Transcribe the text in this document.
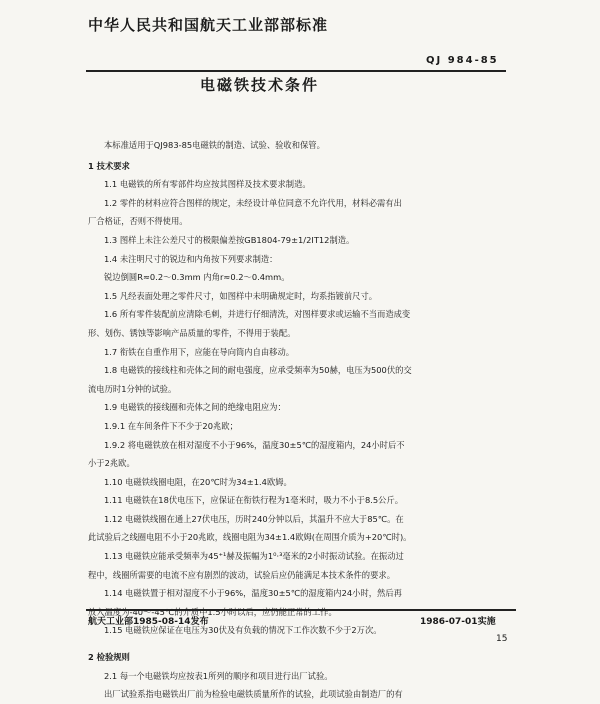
中华人民共和国航天工业部部标准
QJ 984-85
电磁铁技术条件

本标准适用于QJ983-85电磁铁的制造、试验、验收和保管。

1 技术要求

1.1 电磁铁的所有零部件均应按其图样及技术要求制造。

1.2 零件的材料应符合图样的规定，未经设计单位同意不允许代用，材料必需有出

厂合格证，否则不得使用。

1.3 图样上未注公差尺寸的极限偏差按GB1804-79±1/2IT12制造。

1.4 未注明尺寸的锐边和内角按下列要求制造：

锐边倒圆R≈0.2～0.3mm 内角r≈0.2～0.4mm。

1.5 凡经表面处理之零件尺寸，如图样中未明确规定时，均系指镀前尺寸。

1.6 所有零件装配前应清除毛刺，并进行仔细清洗，对图样要求或运输不当而造成变

形、划伤、锈蚀等影响产品质量的零件，不得用于装配。

1.7 衔铁在自重作用下，应能在导向筒内自由移动。

1.8 电磁铁的接线柱和壳体之间的耐电强度，应承受频率为50赫，电压为500伏的交

流电历时1分钟的试验。

1.9 电磁铁的接线圈和壳体之间的绝缘电阻应为：

1.9.1 在车间条件下不少于20兆欧；

1.9.2 将电磁铁放在相对湿度不小于96%，温度30±5℃的湿度箱内，24小时后不

小于2兆欧。

1.10 电磁铁线圈电阻，在20℃时为34±1.4欧姆。

1.11 电磁铁在18伏电压下，应保证在衔铁行程为1毫米时，吸力不小于8.5公斤。

1.12 电磁铁线圈在通上27伏电压，历时240分钟以后，其温升不应大于85℃。在

此试验后之线圈电阻不小于20兆欧，线圈电阻为34±1.4欧姆(在周围介质为+20℃时)。

1.13 电磁铁应能承受频率为45⁺¹赫及振幅为1⁰⋅³毫米的2小时振动试验。在振动过

程中，线圈所需要的电流不应有剧烈的波动，试验后应仍能满足本技术条件的要求。

1.14 电磁铁置于相对湿度不小于96%，温度30±5℃的湿度箱内24小时，然后再

放入温度为-40～-45℃的介质中1.5小时以后，应仍能正常的工作。

1.15 电磁铁应保证在电压为30伏及有负载的情况下工作次数不少于2万次。

2 检验规则

2.1 每一个电磁铁均应按表1所列的顺序和项目进行出厂试验。

出厂试验系指电磁铁出厂前为检验电磁铁质量所作的试验，此项试验由制造厂的有

航天工业部1985-08-14发布	1986-07-01实施
15
